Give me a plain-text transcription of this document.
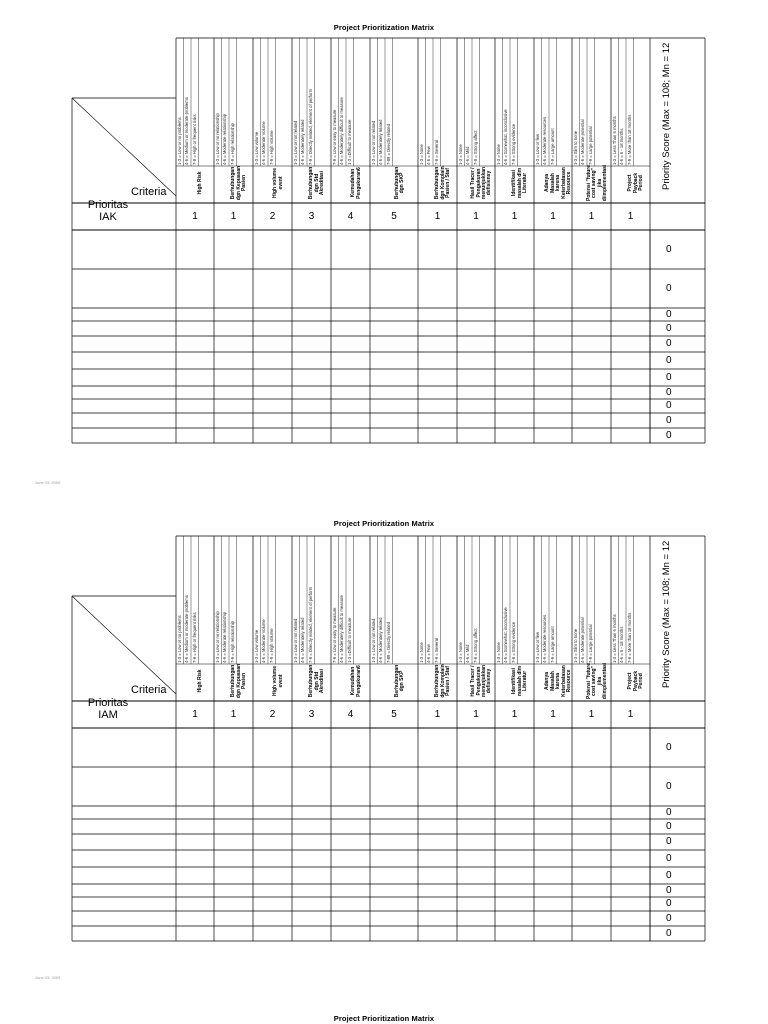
Project Prioritization Matrix
Project Prioritization Matrix
Project Prioritization Matrix
June 03, 2009
June 03, 2009
Criteria
Prioritas
IAK
1-3 = Low or no problems 4-6 = Medium or moderate problems 7-9 = High or frequent risks
High Risk
1
1-3 = Low or no relationship 4-6 = Moderate relationship 7-9 = High relationship
Berhubungan dgn Kepuasan Pasien
1
1-3 = Low volume 4-6 = Moderate Volume 7-9 = High Volume
High volume event
2
1-3 = Low or not related 4-6 = Moderately related 7-9 = Directly related, element of perform
Berhubungan dgn Std Akreditasi
3
7-9 = Low or easy to measure 4-6 = Moderately difficult to measure 1-3 =Difficult to measure
Kemudahan Pengukuran6
4
1-3 = Low or not related 4-6 = Moderately related 7-89 = Directly related
Berhubungan dgn SKP
5
1-3 = None 4-6 = Few 7-9 = Several
Berhubungan dgn Komplain Pasien / Staf
1
1-3 = None 4-6 = Mild 7-9 = Strong affect
Hasil Tracer / Pengukuran menunjukkan defisiensy
1
1-3 = None 4-6 = Somewhat, inconclusive 7-9 = Strong evidence
Identifikasi masalah dlm Literatur
1
1-3 = Low or few 4-6 = Moderate resources 7-9 = Large amount
Adanya Masalah karena Keterbatasan Resource
1
1-3 = Slim to none 4-6 = Moderate potential 7-9 = Large potential
Potensi "future cost saving" jika diimplementasi
1
1-3 = Less Than 6 months 4-6 = 6 - 18 months 7-9 = More than 18 months
Project Payback Period
1
Priority Score (Max = 108; Mn = 12
0
0
0
0
0
0
0
0
0
0
0
Criteria
Prioritas
IAM
1-3 = Low or no problems 4-6 = Medium or moderate problems 7-9 = High or frequent risks
High Risk
1
1-3 = Low or no relationship 4-6 = Moderate relationship 7-9 = High relationship
Berhubungan dgn Kepuasan Pasien
1
1-3 = Low volume 4-6 = Moderate Volume 7-9 = High Volume
High volume event
2
1-3 = Low or not related 4-6 = Moderately related 7-9 = Directly related, element of perform
Berhubungan dgn Std Akreditasi
3
7-9 = Low or easy to measure 4-6 = Moderately difficult to measure 1-3 =Difficult to measure
Kemudahan Pengukuran6
4
1-3 = Low or not related 4-6 = Moderately related 7-89 = Directly related
Berhubungan dgn SKP
5
1-3 = None 4-6 = Few 7-9 = Several
Berhubungan dgn Komplain Pasien / Staf
1
1-3 = None 4-6 = Mild 7-9 = Strong affect
Hasil Tracer / Pengukuran menunjukkan defisiensy
1
1-3 = None 4-6 = Somewhat, inconclusive 7-9 = Strong evidence
Identifikasi masalah dlm Literatur
1
1-3 = Low or few 4-6 = Moderate resources 7-9 = Large amount
Adanya Masalah karena Keterbatasan Resource
1
1-3 = Slim to none 4-6 = Moderate potential 7-9 = Large potential
Potensi "future cost saving" jika diimplementasi
1
1-3 = Less Than 6 months 4-6 = 6 - 18 months 7-9 = More than 18 months
Project Payback Period
1
Priority Score (Max = 108; Mn = 12
0
0
0
0
0
0
0
0
0
0
0
